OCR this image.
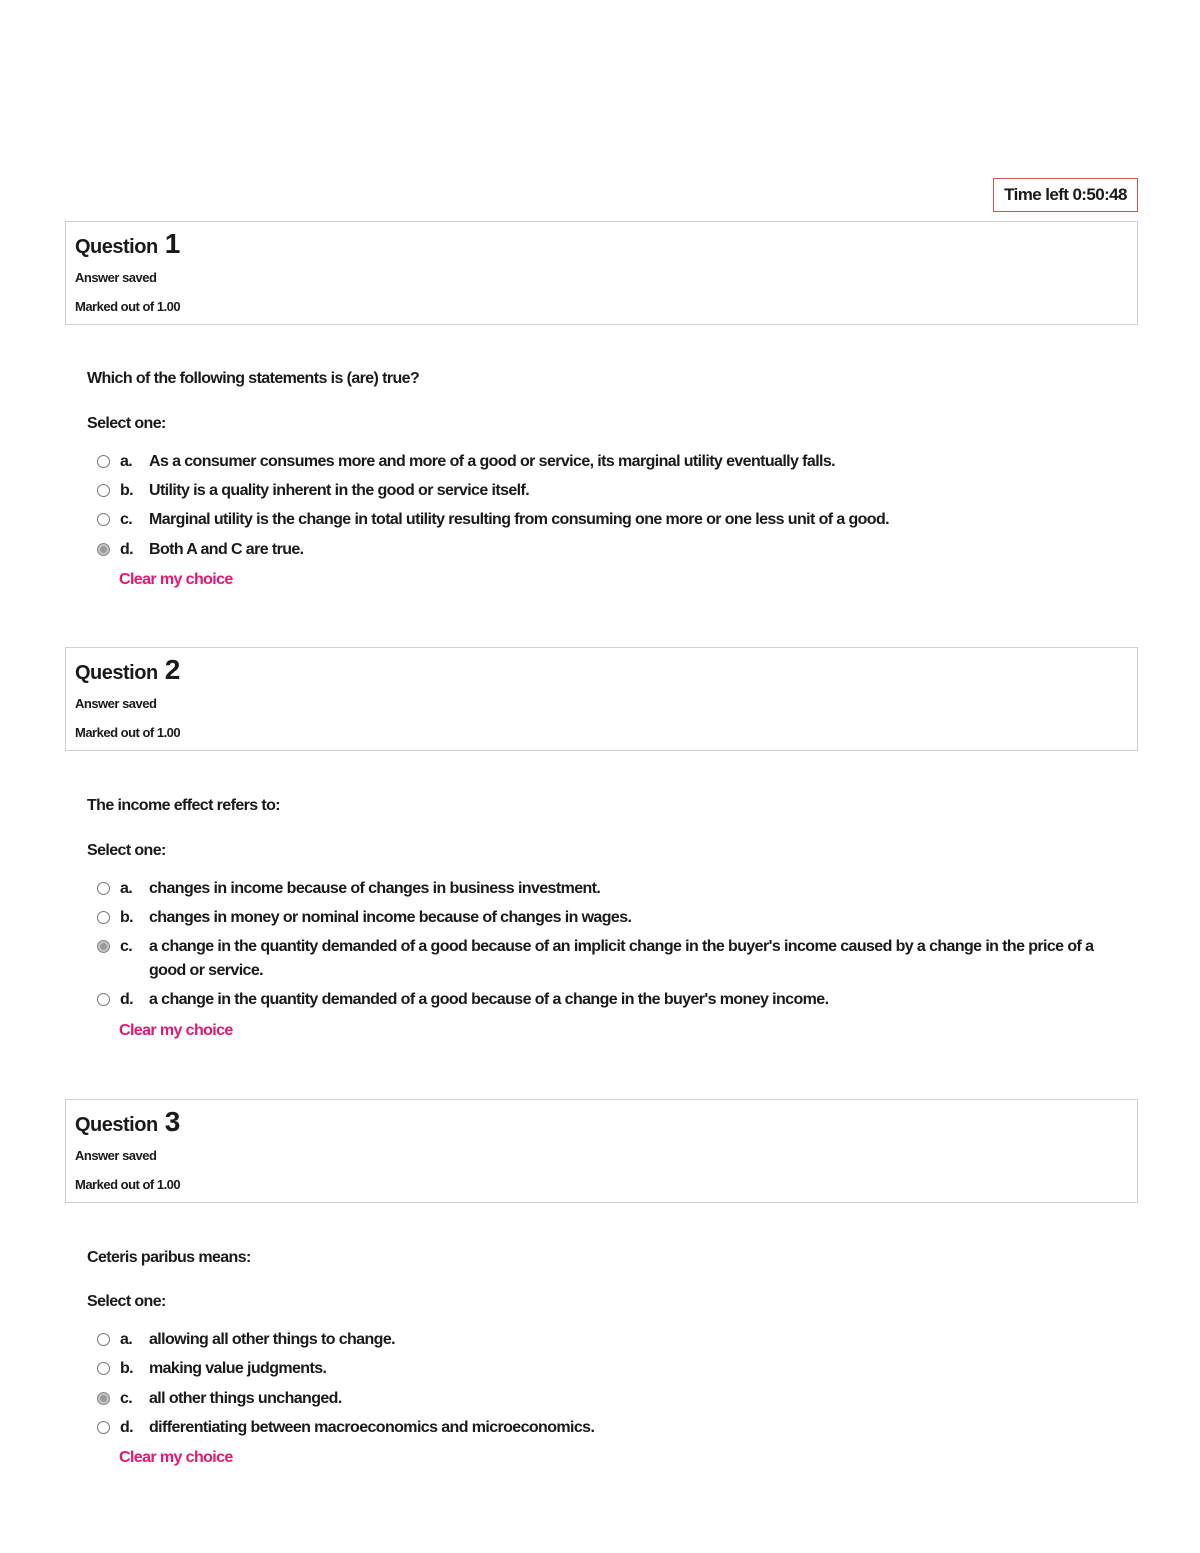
Time left 0:50:48
Question 1
Answer saved
Marked out of 1.00
Which of the following statements is (are) true?
Select one:
a. As a consumer consumes more and more of a good or service, its marginal utility eventually falls.
b. Utility is a quality inherent in the good or service itself.
c. Marginal utility is the change in total utility resulting from consuming one more or one less unit of a good.
d. Both A and C are true.
Clear my choice
Question 2
Answer saved
Marked out of 1.00
The income effect refers to:
Select one:
a. changes in income because of changes in business investment.
b. changes in money or nominal income because of changes in wages.
c. a change in the quantity demanded of a good because of an implicit change in the buyer's income caused by a change in the price of a good or service.
d. a change in the quantity demanded of a good because of a change in the buyer's money income.
Clear my choice
Question 3
Answer saved
Marked out of 1.00
Ceteris paribus means:
Select one:
a. allowing all other things to change.
b. making value judgments.
c. all other things unchanged.
d. differentiating between macroeconomics and microeconomics.
Clear my choice
